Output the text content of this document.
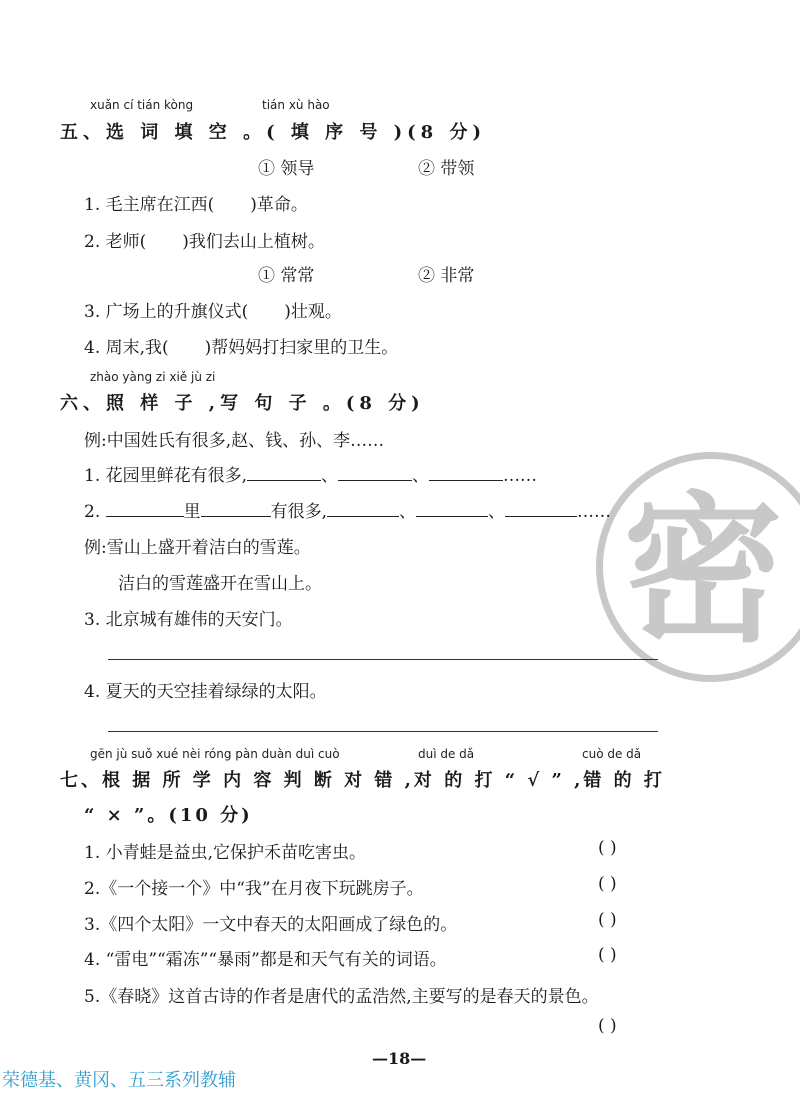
密
xuǎn cí tián kòng	tián xù hào
五、选 词 填 空 。( 填 序 号 )(8 分)
① 领导	② 带领
1. 毛主席在江西( )革命。
2. 老师( )我们去山上植树。
① 常常	② 非常
3. 广场上的升旗仪式( )壮观。
4. 周末,我( )帮妈妈打扫家里的卫生。
zhào yàng zi xiě jù zi
六、照 样 子 ,写 句 子 。(8 分)
例:中国姓氏有很多,赵、钱、孙、李……
1. 花园里鲜花有很多,	、	、	……
2.	里	有很多,	、	、	……
例:雪山上盛开着洁白的雪莲。
洁白的雪莲盛开在雪山上。
3. 北京城有雄伟的天安门。
4. 夏天的天空挂着绿绿的太阳。
gēn jù suǒ xué nèi róng pàn duàn duì cuò	duì de dǎ	cuò de dǎ
七、根 据 所 学 内 容 判 断 对 错 ,对 的 打 “ √ ” ,错 的 打
“ × ”。(10 分)
1. 小青蛙是益虫,它保护禾苗吃害虫。	( )
2.《一个接一个》中“我”在月夜下玩跳房子。	( )
3.《四个太阳》一文中春天的太阳画成了绿色的。	( )
4. “雷电”“霜冻”“暴雨”都是和天气有关的词语。	( )
5.《春晓》这首古诗的作者是唐代的孟浩然,主要写的是春天的景色。
( )
—18—
荣德基、黄冈、五三系列教辅
